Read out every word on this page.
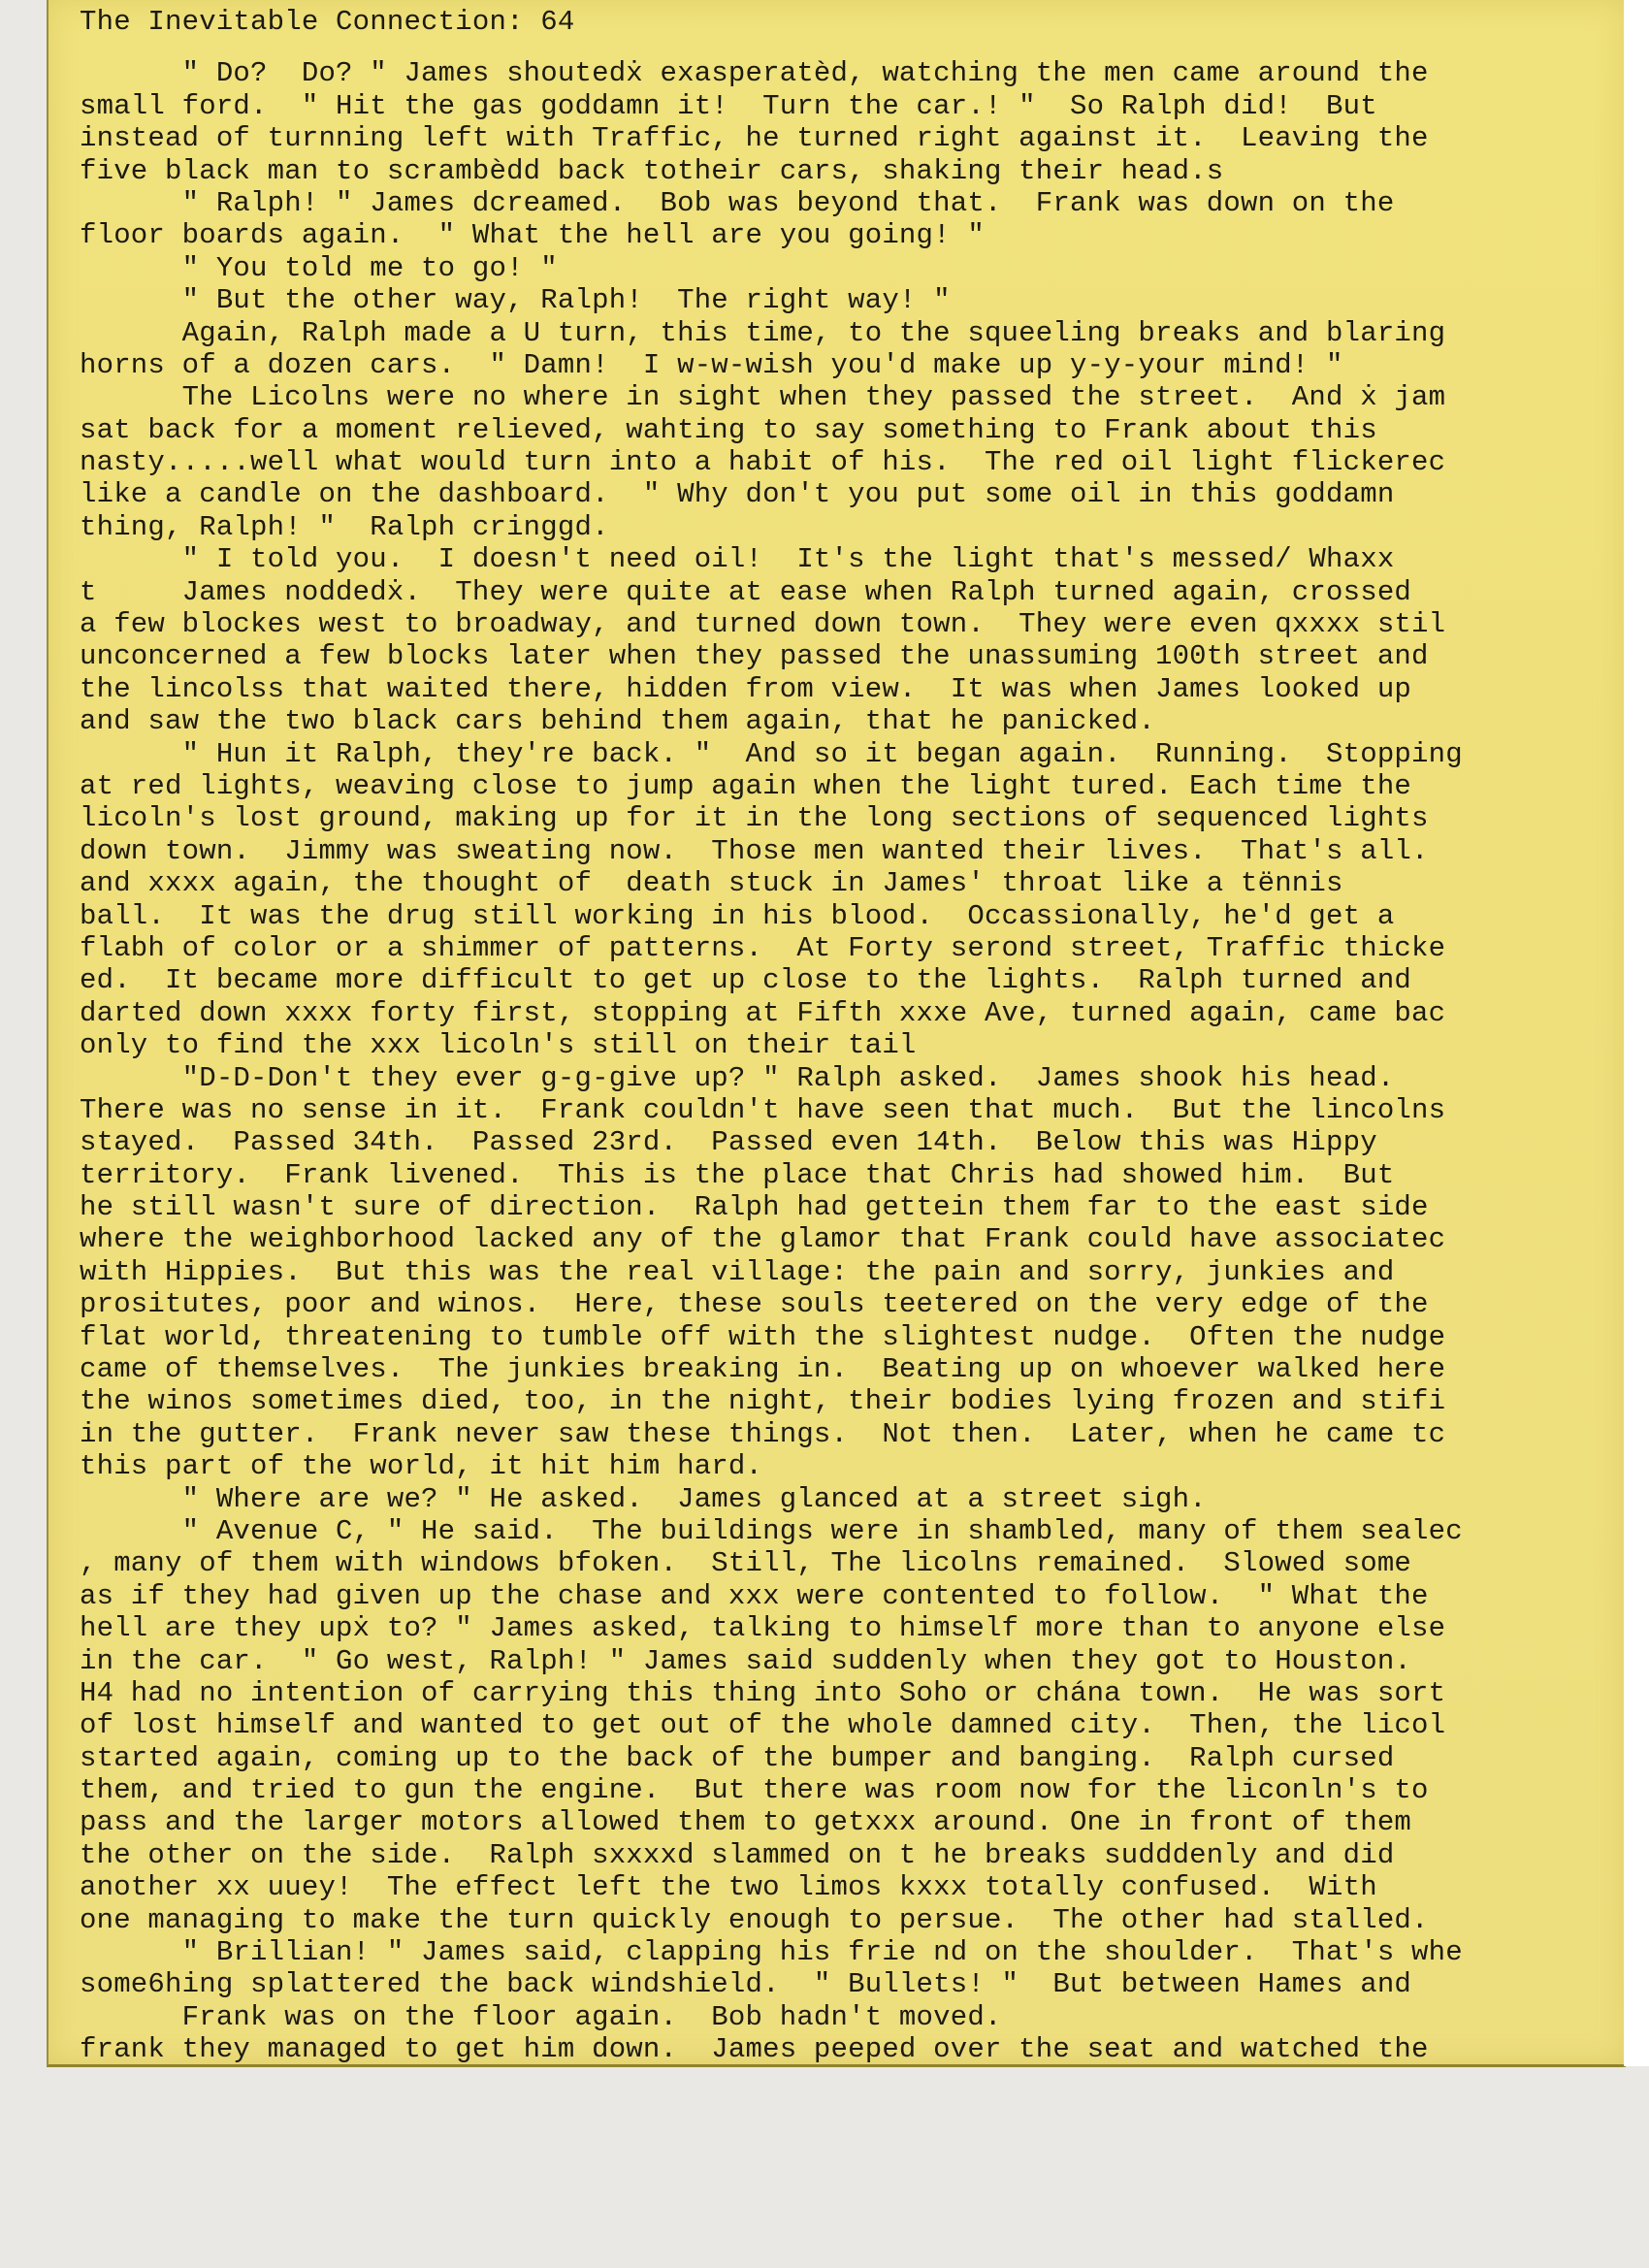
The Inevitable Connection: 64
" Do?  Do? " James shoutedẋ exasperatèd, watching the men came around the
small ford.  " Hit the gas goddamn it!  Turn the car.! "  So Ralph did!  But
instead of turnning left with Traffic, he turned right against it.  Leaving the
five black man to scrambèdd back totheir cars, shaking their head.s
" Ralph! " James dcreamed.  Bob was beyond that.  Frank was down on the
floor boards again.  " What the hell are you going! "
" You told me to go! "
" But the other way, Ralph!  The right way! "
Again, Ralph made a U turn, this time, to the squeeling breaks and blaring
horns of a dozen cars.  " Damn!  I w-w-wish you'd make up y-y-your mind! "
The Licolns were no where in sight when they passed the street.  And ẋ jam
sat back for a moment relieved, wahting to say something to Frank about this
nasty.....well what would turn into a habit of his.  The red oil light flickerec
like a candle on the dashboard.  " Why don't you put some oil in this goddamn
thing, Ralph! "  Ralph cringgd.
" I told you.  I doesn't need oil!  It's the light that's messed/ Whaxx
t     James noddedẋ.  They were quite at ease when Ralph turned again, crossed
a few blockes west to broadway, and turned down town.  They were even qxxxx stil
unconcerned a few blocks later when they passed the unassuming 100th street and
the lincolss that waited there, hidden from view.  It was when James looked up
and saw the two black cars behind them again, that he panicked.
" Hun it Ralph, they're back. "  And so it began again.  Running.  Stopping
at red lights, weaving close to jump again when the light tured. Each time the
licoln's lost ground, making up for it in the long sections of sequenced lights
down town.  Jimmy was sweating now.  Those men wanted their lives.  That's all.
and xxxx again, the thought of  death stuck in James' throat like a tënnis
ball.  It was the drug still working in his blood.  Occassionally, he'd get a
flabh of color or a shimmer of patterns.  At Forty serond street, Traffic thicke
ed.  It became more difficult to get up close to the lights.  Ralph turned and
darted down xxxx forty first, stopping at Fifth xxxe Ave, turned again, came bac
only to find the xxx licoln's still on their tail
"D-D-Don't they ever g-g-give up? " Ralph asked.  James shook his head.
There was no sense in it.  Frank couldn't have seen that much.  But the lincolns
stayed.  Passed 34th.  Passed 23rd.  Passed even 14th.  Below this was Hippy
territory.  Frank livened.  This is the place that Chris had showed him.  But
he still wasn't sure of direction.  Ralph had gettein them far to the east side
where the weighborhood lacked any of the glamor that Frank could have associatec
with Hippies.  But this was the real village: the pain and sorry, junkies and
prositutes, poor and winos.  Here, these souls teetered on the very edge of the
flat world, threatening to tumble off with the slightest nudge.  Often the nudge
came of themselves.  The junkies breaking in.  Beating up on whoever walked here
the winos sometimes died, too, in the night, their bodies lying frozen and stifi
in the gutter.  Frank never saw these things.  Not then.  Later, when he came tc
this part of the world, it hit him hard.
" Where are we? " He asked.  James glanced at a street sigh.
" Avenue C, " He said.  The buildings were in shambled, many of them sealec
, many of them with windows bfoken.  Still, The licolns remained.  Slowed some
as if they had given up the chase and xxx were contented to follow.  " What the
hell are they upẋ to? " James asked, talking to himself more than to anyone else
in the car.  " Go west, Ralph! " James said suddenly when they got to Houston.
H4 had no intention of carrying this thing into Soho or chána town.  He was sort
of lost himself and wanted to get out of the whole damned city.  Then, the licol
started again, coming up to the back of the bumper and banging.  Ralph cursed
them, and tried to gun the engine.  But there was room now for the liconln's to
pass and the larger motors allowed them to getxxx around. One in front of them
the other on the side.  Ralph sxxxxd slammed on t he breaks sudddenly and did
another xx uuey!  The effect left the two limos kxxx totally confused.  With
one managing to make the turn quickly enough to persue.  The other had stalled.
" Brillian! " James said, clapping his frie nd on the shoulder.  That's whe
some6hing splattered the back windshield.  " Bullets! "  But between Hames and
Frank was on the floor again.  Bob hadn't moved.
frank they managed to get him down.  James peeped over the seat and watched the
